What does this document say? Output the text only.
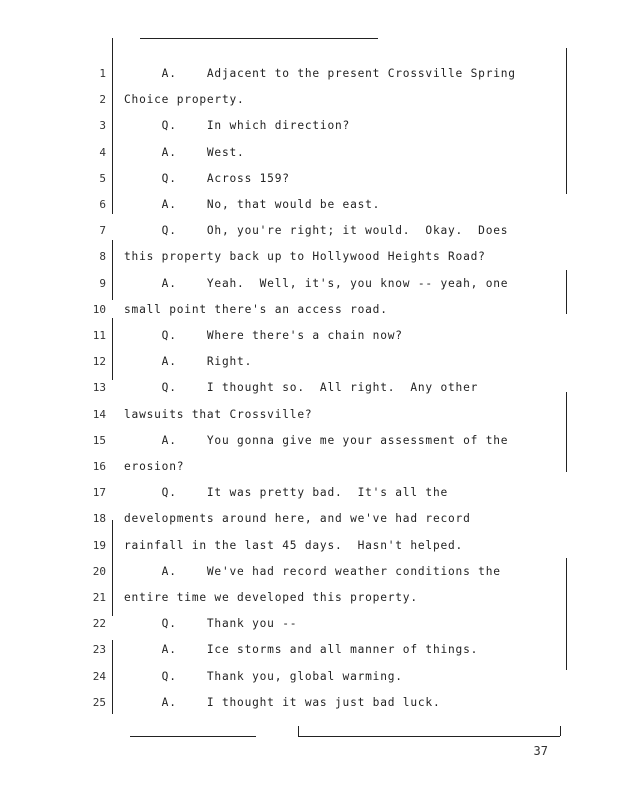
1 A.    Adjacent to the present Crossville Spring
2 Choice property.
3 Q.    In which direction?
4 A.    West.
5 Q.    Across 159?
6 A.    No, that would be east.
7 Q.    Oh, you're right; it would.  Okay.  Does
8 this property back up to Hollywood Heights Road?
9 A.    Yeah.  Well, it's, you know -- yeah, one
10 small point there's an access road.
11 Q.    Where there's a chain now?
12 A.    Right.
13 Q.    I thought so.  All right.  Any other
14 lawsuits that Crossville?
15 A.    You gonna give me your assessment of the
16 erosion?
17 Q.    It was pretty bad.  It's all the
18 developments around here, and we've had record
19 rainfall in the last 45 days.  Hasn't helped.
20 A.    We've had record weather conditions the
21 entire time we developed this property.
22 Q.    Thank you --
23 A.    Ice storms and all manner of things.
24 Q.    Thank you, global warming.
25 A.    I thought it was just bad luck.
37
